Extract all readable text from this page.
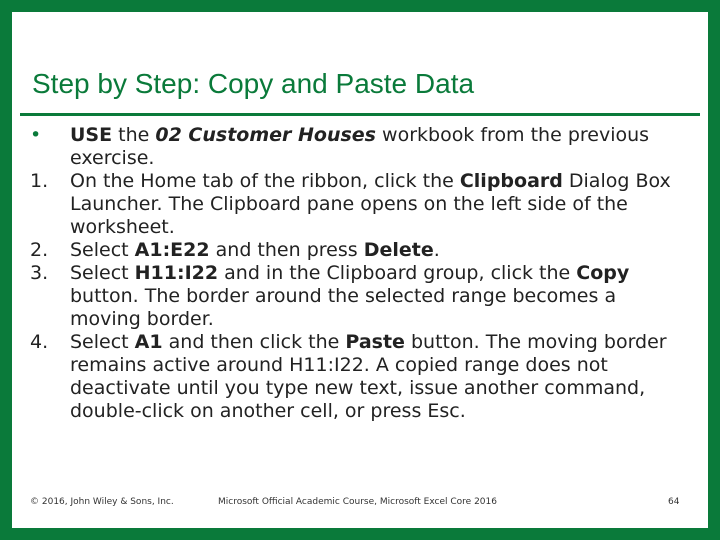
Step by Step: Copy and Paste Data
• USE the 02 Customer Houses workbook from the previous exercise.
1. On the Home tab of the ribbon, click the Clipboard Dialog Box Launcher. The Clipboard pane opens on the left side of the worksheet.
2. Select A1:E22 and then press Delete.
3. Select H11:I22 and in the Clipboard group, click the Copy button. The border around the selected range becomes a moving border.
4. Select A1 and then click the Paste button. The moving border remains active around H11:I22. A copied range does not deactivate until you type new text, issue another command, double-click on another cell, or press Esc.
© 2016, John Wiley & Sons, Inc.	Microsoft Official Academic Course, Microsoft Excel Core 2016	64
